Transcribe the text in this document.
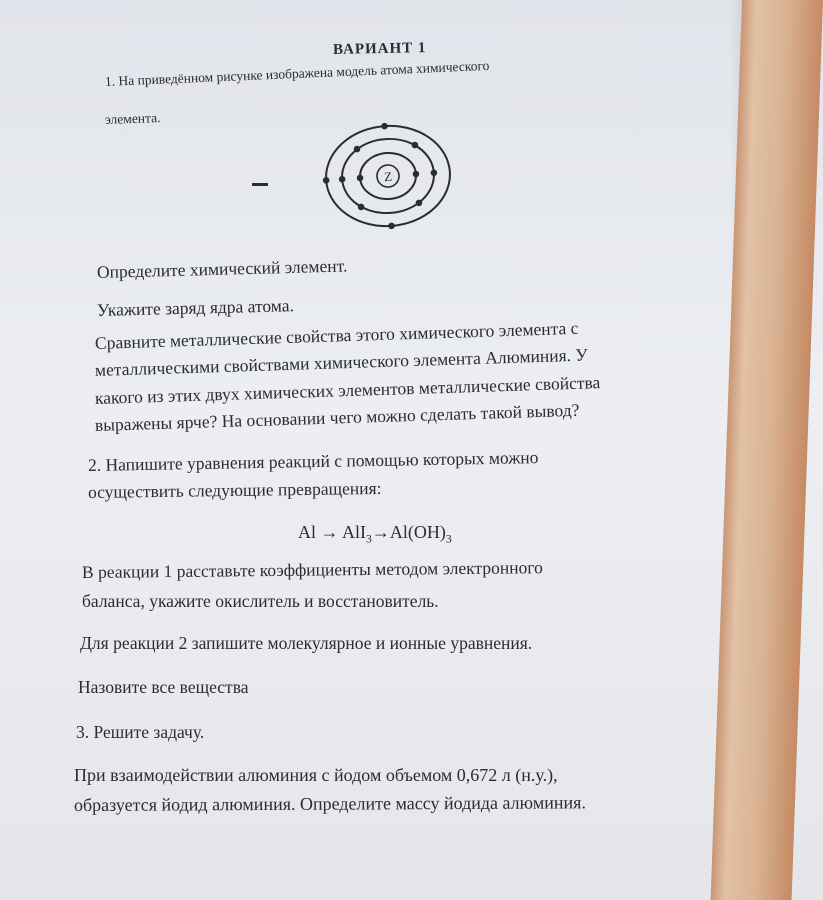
ВАРИАНТ 1
1. На приведённом рисунке изображена модель атома химического
элемента.
Z
Определите химический элемент.
Укажите заряд ядра атома.
Сравните металлические свойства этого химического элемента с
металлическими свойствами химического элемента Алюминия. У
какого из этих двух химических элементов металлические свойства
выражены ярче? На основании чего можно сделать такой вывод?
2. Напишите уравнения реакций с помощью которых можно
осуществить следующие превращения:
$Al \to AlI_3\to Al(OH)_3$
В реакции 1 расставьте коэффициенты методом электронного
баланса, укажите окислитель и восстановитель.
Для реакции 2 запишите молекулярное и ионные уравнения.
Назовите все вещества
3. Решите задачу.
При взаимодействии алюминия с йодом объемом 0,672 л (н.у.),
образуется йодид алюминия. Определите массу йодида алюминия.
